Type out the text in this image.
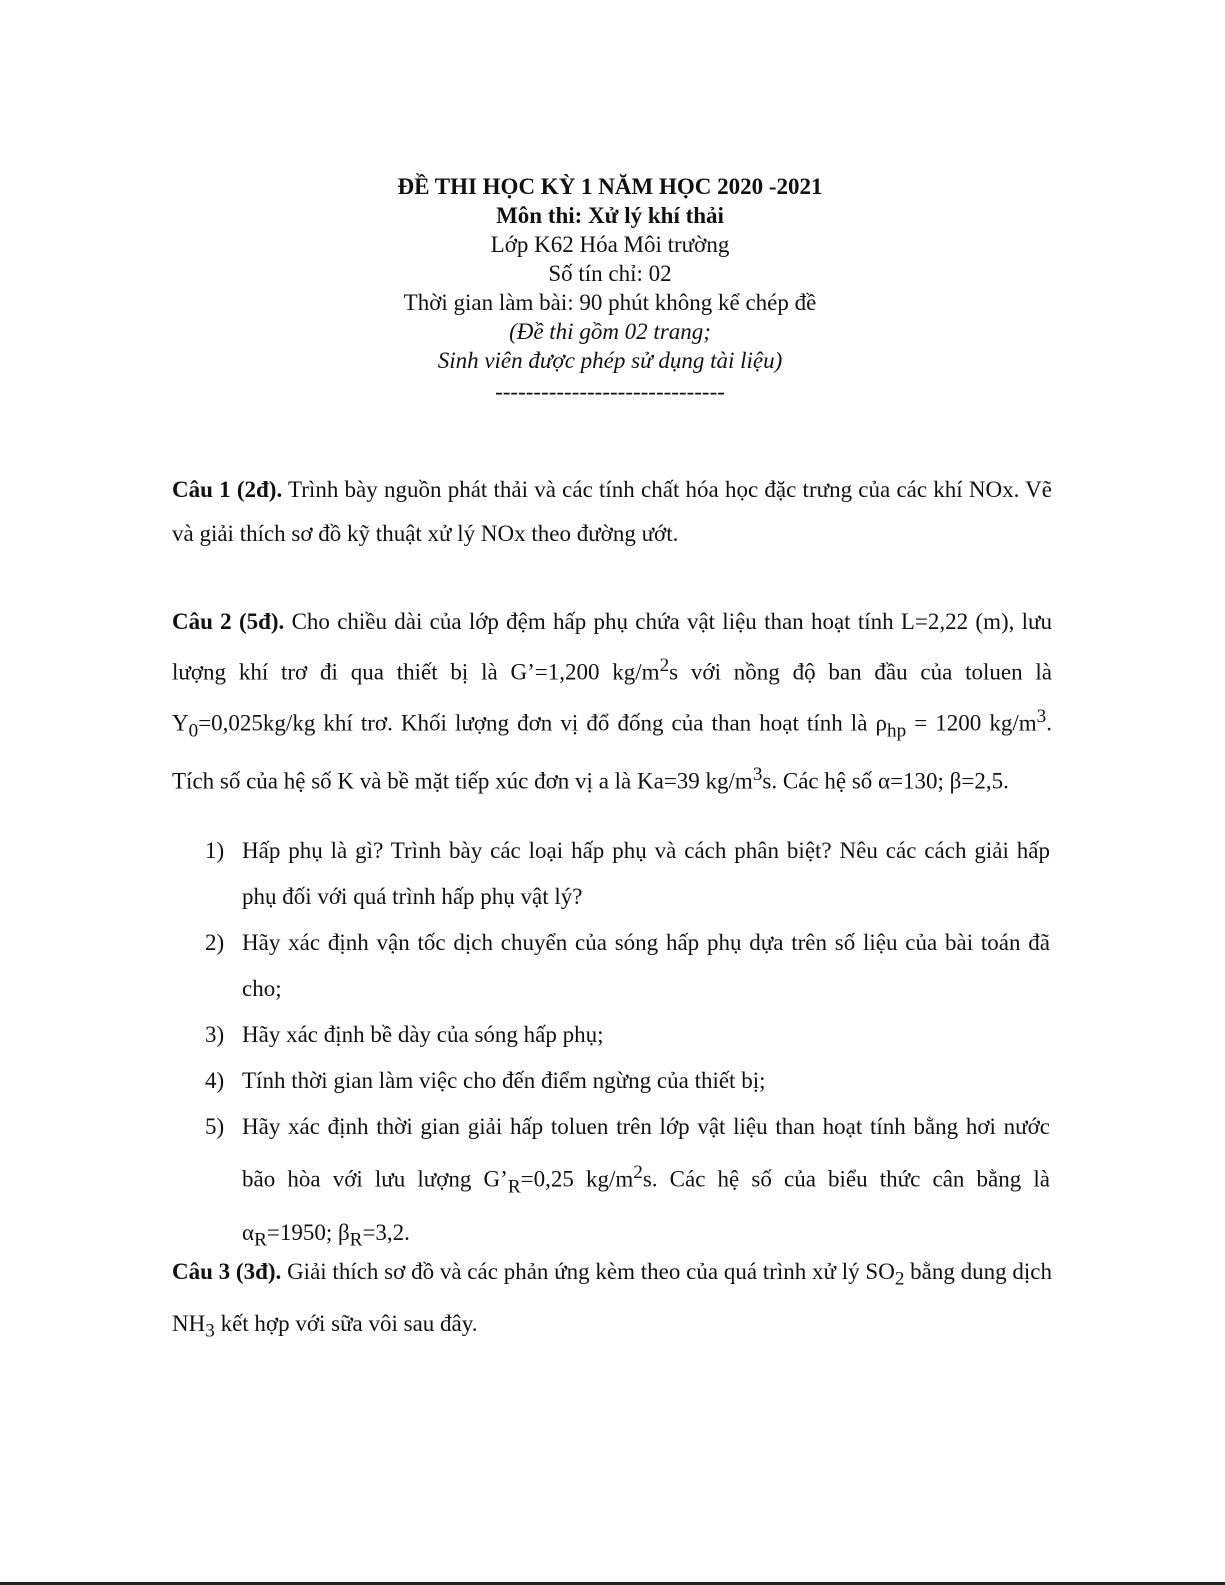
ĐỀ THI HỌC KỲ 1 NĂM HỌC 2020 -2021
Môn thi: Xử lý khí thải
Lớp K62 Hóa Môi trường
Số tín chỉ: 02
Thời gian làm bài: 90 phút không kể chép đề
(Đề thi gồm 02 trang;
Sinh viên được phép sử dụng tài liệu)
------------------------------
Câu 1 (2đ). Trình bày nguồn phát thải và các tính chất hóa học đặc trưng của các khí NOx. Vẽ và giải thích sơ đồ kỹ thuật xử lý NOx theo đường ướt.
Câu 2 (5đ). Cho chiều dài của lớp đệm hấp phụ chứa vật liệu than hoạt tính L=2,22 (m), lưu lượng khí trơ đi qua thiết bị là G’=1,200 $kg/m^2s$ với nồng độ ban đầu của toluen là $Y_0=0,025kg/kg$ khí trơ. Khối lượng đơn vị đổ đống của than hoạt tính là $\rho_{hp} = 1200$ $kg/m^3$. Tích số của hệ số K và bề mặt tiếp xúc đơn vị a là Ka=39 $kg/m^3s$. Các hệ số α=130; β=2,5.
1) Hấp phụ là gì? Trình bày các loại hấp phụ và cách phân biệt? Nêu các cách giải hấp phụ đối với quá trình hấp phụ vật lý?
2) Hãy xác định vận tốc dịch chuyển của sóng hấp phụ dựa trên số liệu của bài toán đã cho;
3) Hãy xác định bề dày của sóng hấp phụ;
4) Tính thời gian làm việc cho đến điểm ngừng của thiết bị;
5) Hãy xác định thời gian giải hấp toluen trên lớp vật liệu than hoạt tính bằng hơi nước bão hòa với lưu lượng $G’_R=0,25$ $kg/m^2s$. Các hệ số của biểu thức cân bằng là $\alpha_R=1950$; $\beta_R=3,2$.
Câu 3 (3đ). Giải thích sơ đồ và các phản ứng kèm theo của quá trình xử lý $SO_2$ bằng dung dịch $NH_3$ kết hợp với sữa vôi sau đây.
